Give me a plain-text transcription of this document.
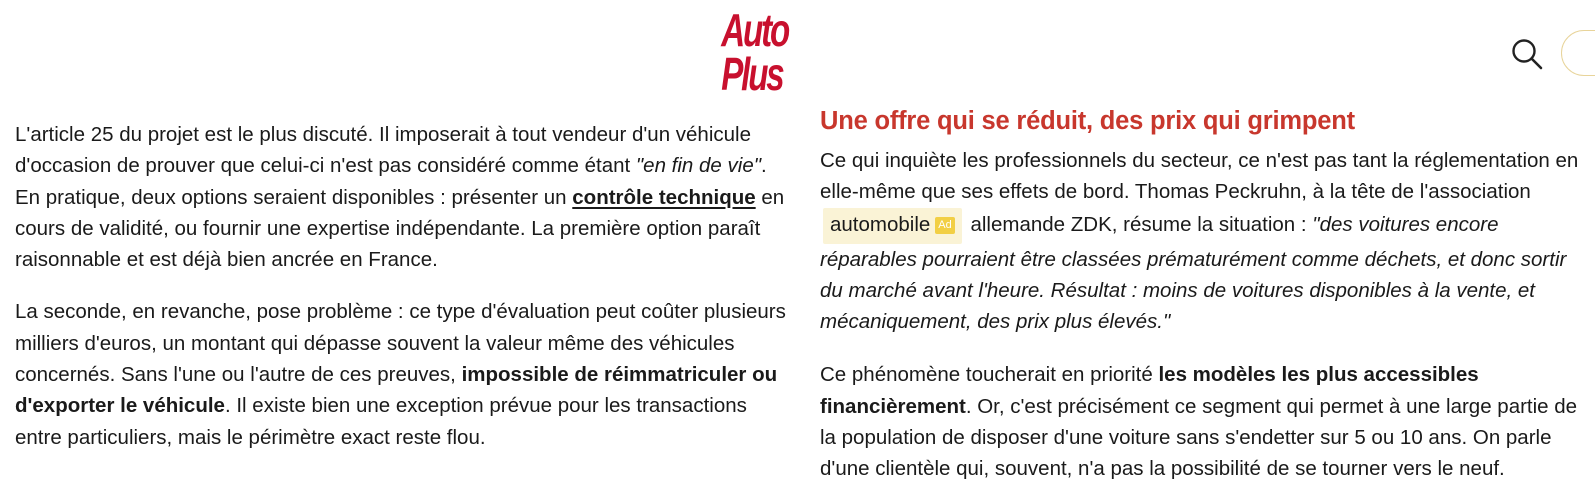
Auto
Plus

L'article 25 du projet est le plus discuté. Il imposerait à tout vendeur d'un véhicule d'occasion de prouver que celui-ci n'est pas considéré comme étant "en fin de vie". En pratique, deux options seraient disponibles : présenter un contrôle technique en cours de validité, ou fournir une expertise indépendante. La première option paraît raisonnable et est déjà bien ancrée en France.

La seconde, en revanche, pose problème : ce type d'évaluation peut coûter plusieurs milliers d'euros, un montant qui dépasse souvent la valeur même des véhicules concernés. Sans l'une ou l'autre de ces preuves, impossible de réimmatriculer ou d'exporter le véhicule. Il existe bien une exception prévue pour les transactions entre particuliers, mais le périmètre exact reste flou.

Une offre qui se réduit, des prix qui grimpent

Ce qui inquiète les professionnels du secteur, ce n'est pas tant la réglementation en elle-même que ses effets de bord. Thomas Peckruhn, à la tête de l'association automobile Ad allemande ZDK, résume la situation : "des voitures encore réparables pourraient être classées prématurément comme déchets, et donc sortir du marché avant l'heure. Résultat : moins de voitures disponibles à la vente, et mécaniquement, des prix plus élevés."

Ce phénomène toucherait en priorité les modèles les plus accessibles financièrement. Or, c'est précisément ce segment qui permet à une large partie de la population de disposer d'une voiture sans s'endetter sur 5 ou 10 ans. On parle d'une clientèle qui, souvent, n'a pas la possibilité de se tourner vers le neuf.
